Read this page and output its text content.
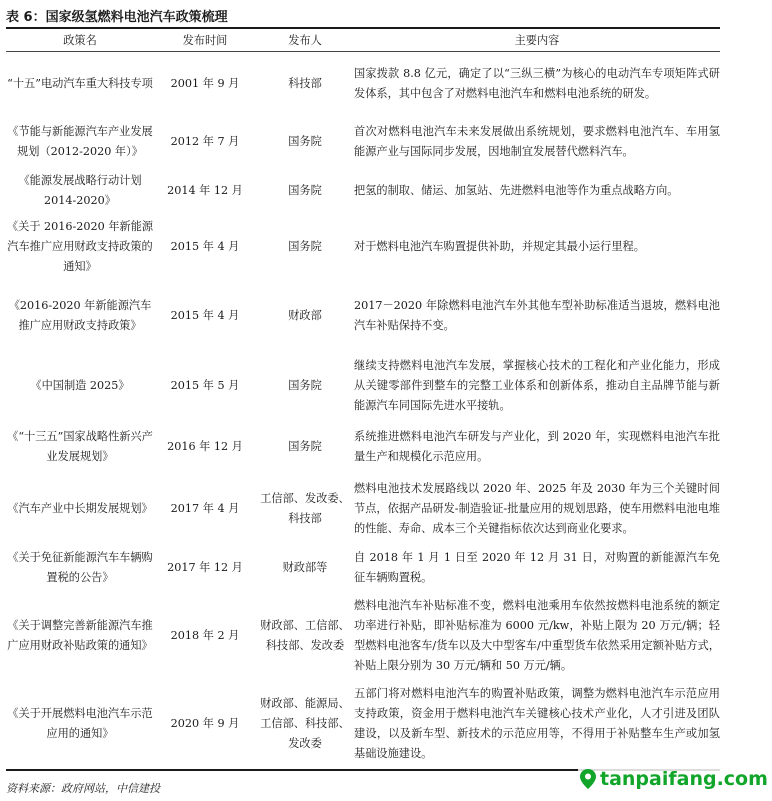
表 6：国家级氢燃料电池汽车政策梳理
政策名	发布时间	发布人	主要内容
“十五”电动汽车重大科技专项	2001 年 9 月	科技部	国家拨款 8.8 亿元，确定了以“三纵三横”为核心的电动汽车专项矩阵式研发体系，其中包含了对燃料电池汽车和燃料电池系统的研发。
《节能与新能源汽车产业发展规划（2012-2020 年）》	2012 年 7 月	国务院	首次对燃料电池汽车未来发展做出系统规划，要求燃料电池汽车、车用氢能源产业与国际同步发展，因地制宜发展替代燃料汽车。
《能源发展战略行动计划 2014-2020》	2014 年 12 月	国务院	把氢的制取、储运、加氢站、先进燃料电池等作为重点战略方向。
《关于 2016-2020 年新能源汽车推广应用财政支持政策的通知》	2015 年 4 月	国务院	对于燃料电池汽车购置提供补助，并规定其最小运行里程。
《2016-2020 年新能源汽车推广应用财政支持政策》	2015 年 4 月	财政部	2017－2020 年除燃料电池汽车外其他车型补助标准适当退坡，燃料电池汽车补贴保持不变。
《中国制造 2025》	2015 年 5 月	国务院	继续支持燃料电池汽车发展，掌握核心技术的工程化和产业化能力，形成从关键零部件到整车的完整工业体系和创新体系，推动自主品牌节能与新能源汽车同国际先进水平接轨。
《“十三五”国家战略性新兴产业发展规划》	2016 年 12 月	国务院	系统推进燃料电池汽车研发与产业化，到 2020 年，实现燃料电池汽车批量生产和规模化示范应用。
《汽车产业中长期发展规划》	2017 年 4 月	工信部、发改委、科技部	燃料电池技术发展路线以 2020 年、2025 年及 2030 年为三个关键时间节点，依据产品研发-制造验证-批量应用的规划思路，使车用燃料电池电堆的性能、寿命、成本三个关键指标依次达到商业化要求。
《关于免征新能源汽车车辆购置税的公告》	2017 年 12 月	财政部等	自 2018 年 1 月 1 日至 2020 年 12 月 31 日，对购置的新能源汽车免征车辆购置税。
《关于调整完善新能源汽车推广应用财政补贴政策的通知》	2018 年 2 月	财政部、工信部、科技部、发改委	燃料电池汽车补贴标准不变，燃料电池乘用车依然按燃料电池系统的额定功率进行补贴，即补贴标准为 6000 元/kw，补贴上限为 20 万元/辆；轻型燃料电池客车/货车以及大中型客车/中重型货车依然采用定额补贴方式，补贴上限分别为 30 万元/辆和 50 万元/辆。
《关于开展燃料电池汽车示范应用的通知》	2020 年 9 月	财政部、能源局、工信部、科技部、发改委	五部门将对燃料电池汽车的购置补贴政策，调整为燃料电池汽车示范应用支持政策，资金用于燃料电池汽车关键核心技术产业化，人才引进及团队建设，以及新车型、新技术的示范应用等，不得用于补贴整车生产或加氢基础设施建设。
资料来源：政府网站，中信建投	tanpaifang.com
